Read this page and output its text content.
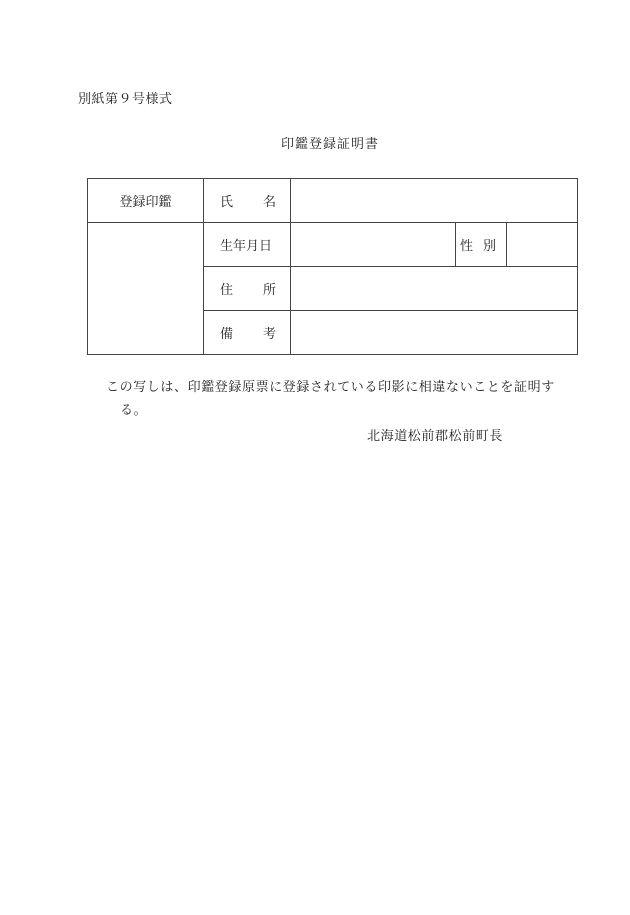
別紙第９号様式
印鑑登録証明書
登録印鑑	氏 名			

	生年月日		性 別	

	住 所			

	備 考			

この写しは、印鑑登録原票に登録されている印影に相違ないことを証明す
る。
北海道松前郡松前町長
